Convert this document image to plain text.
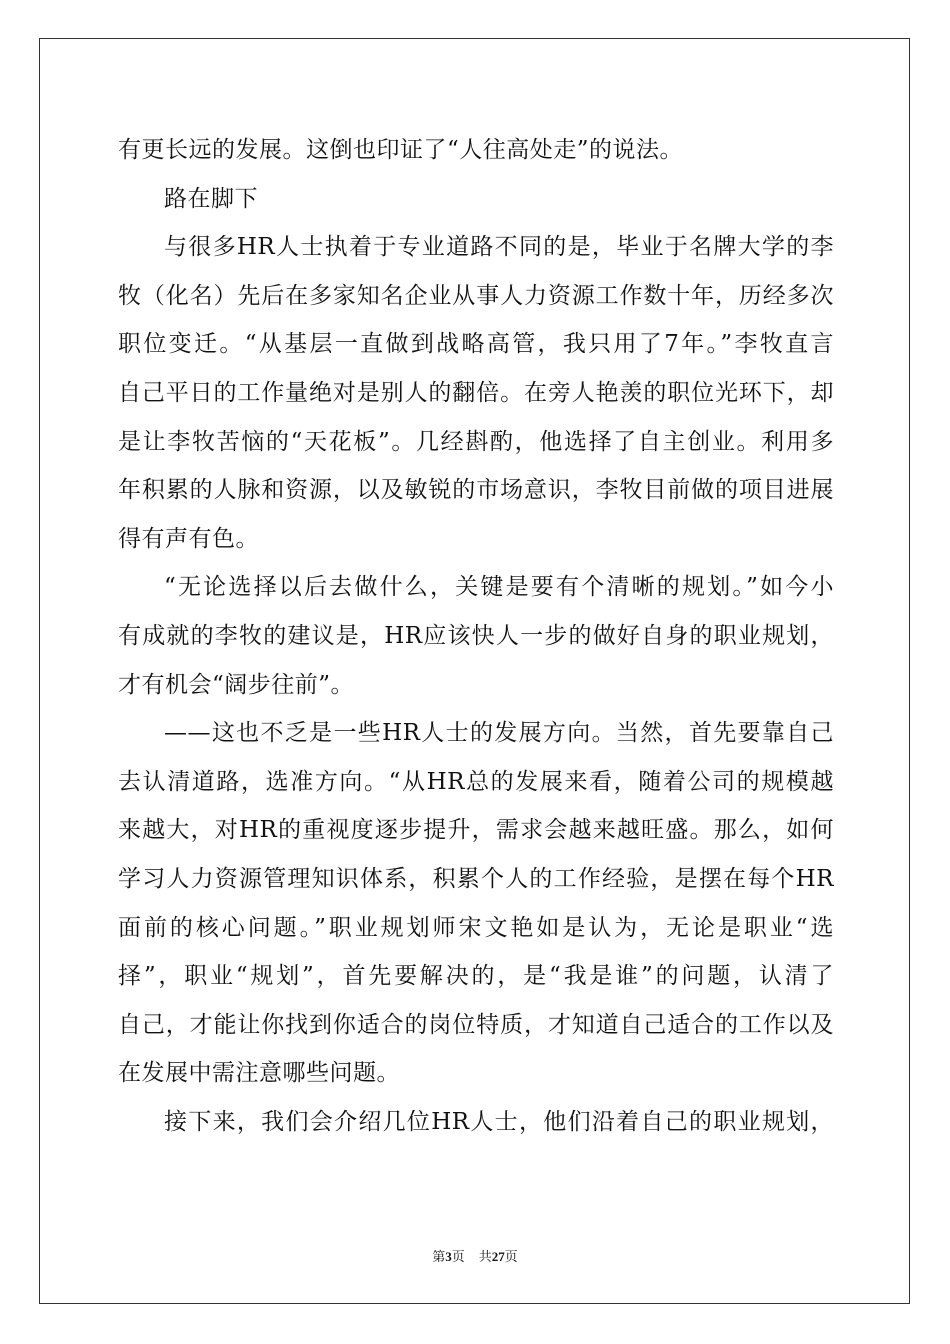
有更长远的发展。这倒也印证了“人往高处走”的说法。
路在脚下
与很多HR人士执着于专业道路不同的是，毕业于名牌大学的李
牧（化名）先后在多家知名企业从事人力资源工作数十年，历经多次
职位变迁。“从基层一直做到战略高管，我只用了7年。”李牧直言
自己平日的工作量绝对是别人的翻倍。在旁人艳羡的职位光环下，却
是让李牧苦恼的“天花板”。几经斟酌，他选择了自主创业。利用多
年积累的人脉和资源，以及敏锐的市场意识，李牧目前做的项目进展
得有声有色。
“无论选择以后去做什么，关键是要有个清晰的规划。”如今小
有成就的李牧的建议是，HR应该快人一步的做好自身的职业规划，
才有机会“阔步往前”。
——这也不乏是一些HR人士的发展方向。当然，首先要靠自己
去认清道路，选准方向。“从HR总的发展来看，随着公司的规模越
来越大，对HR的重视度逐步提升，需求会越来越旺盛。那么，如何
学习人力资源管理知识体系，积累个人的工作经验，是摆在每个HR
面前的核心问题。”职业规划师宋文艳如是认为，无论是职业“选
择”，职业“规划”，首先要解决的，是“我是谁”的问题，认清了
自己，才能让你找到你适合的岗位特质，才知道自己适合的工作以及
在发展中需注意哪些问题。
接下来，我们会介绍几位HR人士，他们沿着自己的职业规划，
第3页 共27页
